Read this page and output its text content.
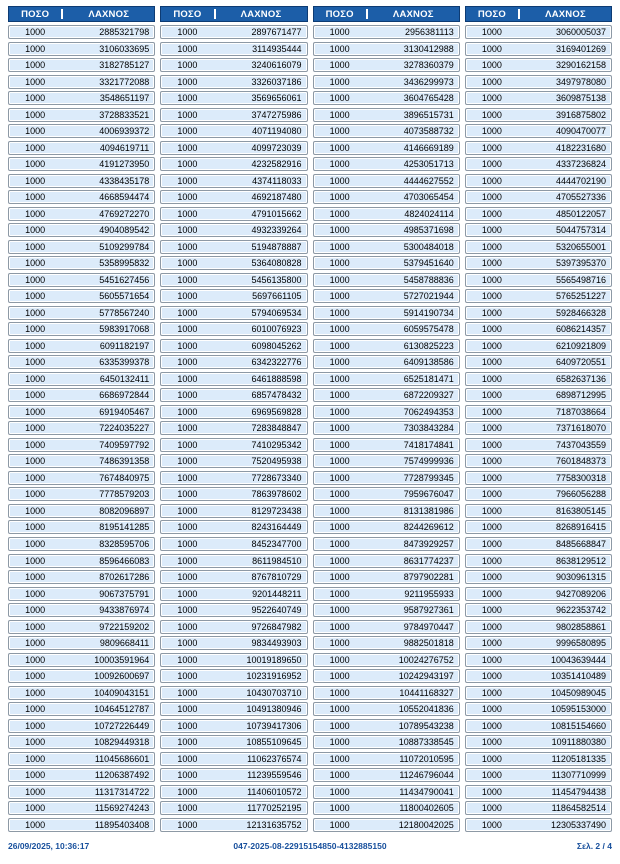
ΠΟΣΟ	ΛΑΧΝΟΣ
1000	2885321798
1000	3106033695
1000	3182785127
1000	3321772088
1000	3548651197
1000	3728833521
1000	4006939372
1000	4094619711
1000	4191273950
1000	4338435178
1000	4668594474
1000	4769272270
1000	4904089542
1000	5109299784
1000	5358995832
1000	5451627456
1000	5605571654
1000	5778567240
1000	5983917068
1000	6091182197
1000	6335399378
1000	6450132411
1000	6686972844
1000	6919405467
1000	7224035227
1000	7409597792
1000	7486391358
1000	7674840975
1000	7778579203
1000	8082096897
1000	8195141285
1000	8328595706
1000	8596466083
1000	8702617286
1000	9067375791
1000	9433876974
1000	9722159202
1000	9809668411
1000	10003591964
1000	10092600697
1000	10409043151
1000	10464512787
1000	10727226449
1000	10829449318
1000	11045686601
1000	11206387492
1000	11317314722
1000	11569274243
1000	11895403408
ΠΟΣΟ	ΛΑΧΝΟΣ
1000	2897671477
1000	3114935444
1000	3240616079
1000	3326037186
1000	3569656061
1000	3747275986
1000	4071194080
1000	4099723039
1000	4232582916
1000	4374118033
1000	4692187480
1000	4791015662
1000	4932339264
1000	5194878887
1000	5364080828
1000	5456135800
1000	5697661105
1000	5794069534
1000	6010076923
1000	6098045262
1000	6342322776
1000	6461888598
1000	6857478432
1000	6969569828
1000	7283848847
1000	7410295342
1000	7520495938
1000	7728673340
1000	7863978602
1000	8129723438
1000	8243164449
1000	8452347700
1000	8611984510
1000	8767810729
1000	9201448211
1000	9522640749
1000	9726847982
1000	9834493903
1000	10019189650
1000	10231916952
1000	10430703710
1000	10491380946
1000	10739417306
1000	10855109645
1000	11062376574
1000	11239559546
1000	11406010572
1000	11770252195
1000	12131635752
ΠΟΣΟ	ΛΑΧΝΟΣ
1000	2956381113
1000	3130412988
1000	3278360379
1000	3436299973
1000	3604765428
1000	3896515731
1000	4073588732
1000	4146669189
1000	4253051713
1000	4444627552
1000	4703065454
1000	4824024114
1000	4985371698
1000	5300484018
1000	5379451640
1000	5458788836
1000	5727021944
1000	5914190734
1000	6059575478
1000	6130825223
1000	6409138586
1000	6525181471
1000	6872209327
1000	7062494353
1000	7303843284
1000	7418174841
1000	7574999936
1000	7728799345
1000	7959676047
1000	8131381986
1000	8244269612
1000	8473929257
1000	8631774237
1000	8797902281
1000	9211955933
1000	9587927361
1000	9784970447
1000	9882501818
1000	10024276752
1000	10242943197
1000	10441168327
1000	10552041836
1000	10789543238
1000	10887338545
1000	11072010595
1000	11246796044
1000	11434790041
1000	11800402605
1000	12180042025
ΠΟΣΟ	ΛΑΧΝΟΣ
1000	3060005037
1000	3169401269
1000	3290162158
1000	3497978080
1000	3609875138
1000	3916875802
1000	4090470077
1000	4182231680
1000	4337236824
1000	4444702190
1000	4705527336
1000	4850122057
1000	5044757314
1000	5320655001
1000	5397395370
1000	5565498716
1000	5765251227
1000	5928466328
1000	6086214357
1000	6210921809
1000	6409720551
1000	6582637136
1000	6898712995
1000	7187038664
1000	7371618070
1000	7437043559
1000	7601848373
1000	7758300318
1000	7966056288
1000	8163805145
1000	8268916415
1000	8485668847
1000	8638129512
1000	9030961315
1000	9427089206
1000	9622353742
1000	9802858861
1000	9996580895
1000	10043639444
1000	10351410489
1000	10450989045
1000	10595153000
1000	10815154660
1000	10911880380
1000	11205181335
1000	11307710999
1000	11454794438
1000	11864582514
1000	12305337490
26/09/2025, 10:36:17	047-2025-08-22915154850-4132885150	Σελ. 2 / 4
